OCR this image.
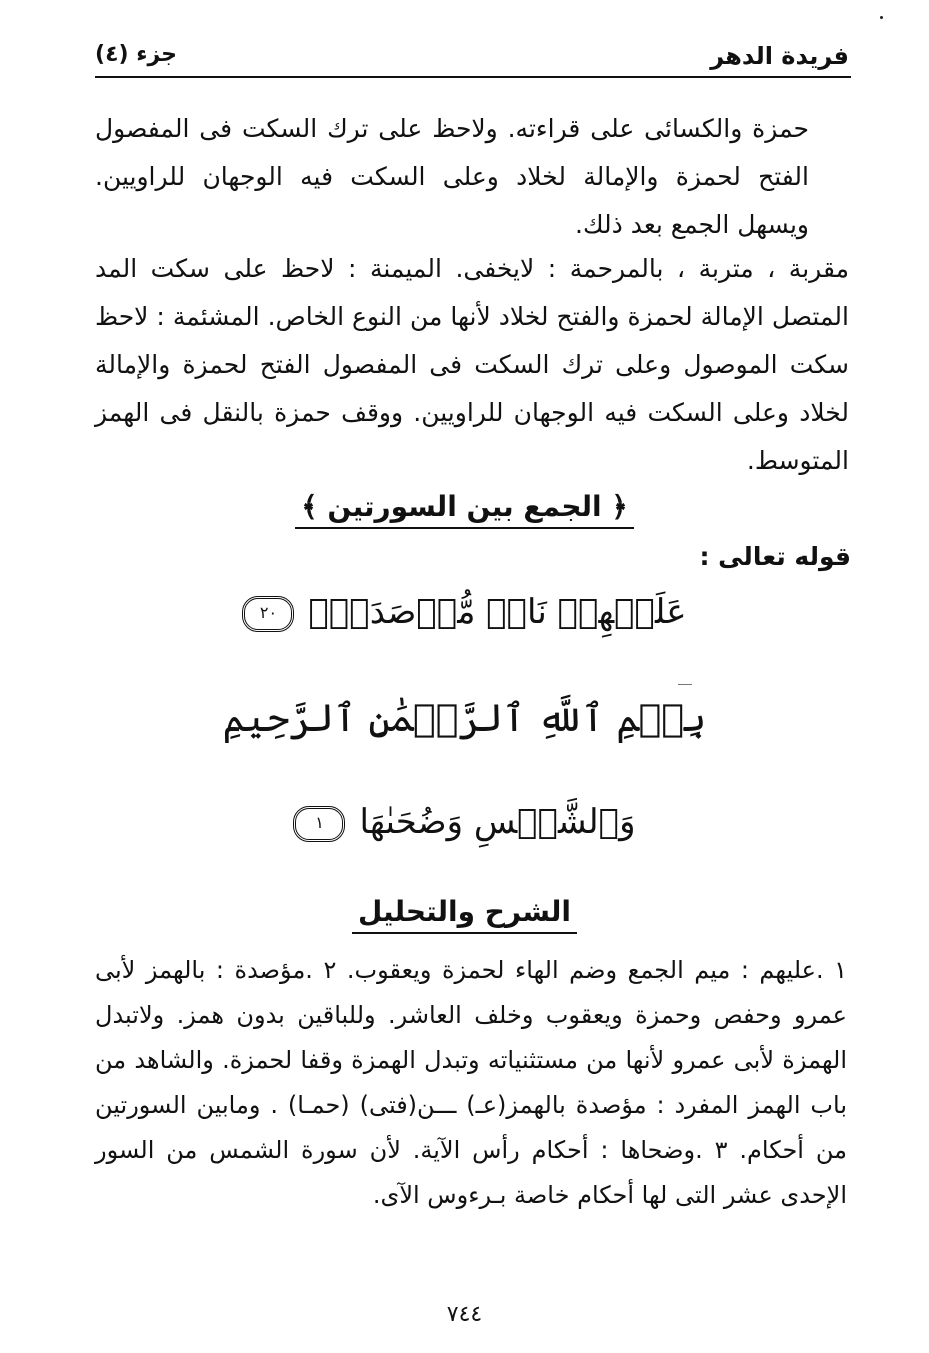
فريدة الدهر
جزء (٤)
حمزة والكسائى على قراءته. ولاحظ على ترك السكت فى المفصول الفتح لحمزة والإمالة لخلاد وعلى السكت فيه الوجهان للراويين. ويسهل الجمع بعد ذلك.
مقربة ، متربة ، بالمرحمة : لايخفى. الميمنة : لاحظ على سكت المد المتصل الإمالة لحمزة والفتح لخلاد لأنها من النوع الخاص. المشئمة : لاحظ سكت الموصول وعلى ترك السكت فى المفصول الفتح لحمزة والإمالة لخلاد وعلى السكت فيه الوجهان للراويين. ووقف حمزة بالنقل فى الهمز المتوسط.
﴿ الجمع بين السورتين ﴾
قوله تعالى :
عَلَيۡهِمۡ نَارٞ مُّؤۡصَدَةُۢ٢٠
بِسۡمِ ٱللَّهِ ٱلرَّحۡمَٰنِ ٱلرَّحِيمِ
وَٱلشَّمۡسِ وَضُحَىٰهَا١
الشرح والتحليل
١ .عليهم : ميم الجمع وضم الهاء لحمزة ويعقوب. ٢ .مؤصدة : بالهمز لأبى عمرو وحفص وحمزة ويعقوب وخلف العاشر. وللباقين بدون همز. ولاتبدل الهمزة لأبى عمرو لأنها من مستثنياته وتبدل الهمزة وقفا لحمزة. والشاهد من باب الهمز المفرد : مؤصدة بالهمز(عـ) ـــن(فتى) (حمـا) . ومابين السورتين من أحكام. ٣ .وضحاها : أحكام رأس الآية. لأن سورة الشمس من السور الإحدى عشر التى لها أحكام خاصة بـرءوس الآى.
٧٤٤
